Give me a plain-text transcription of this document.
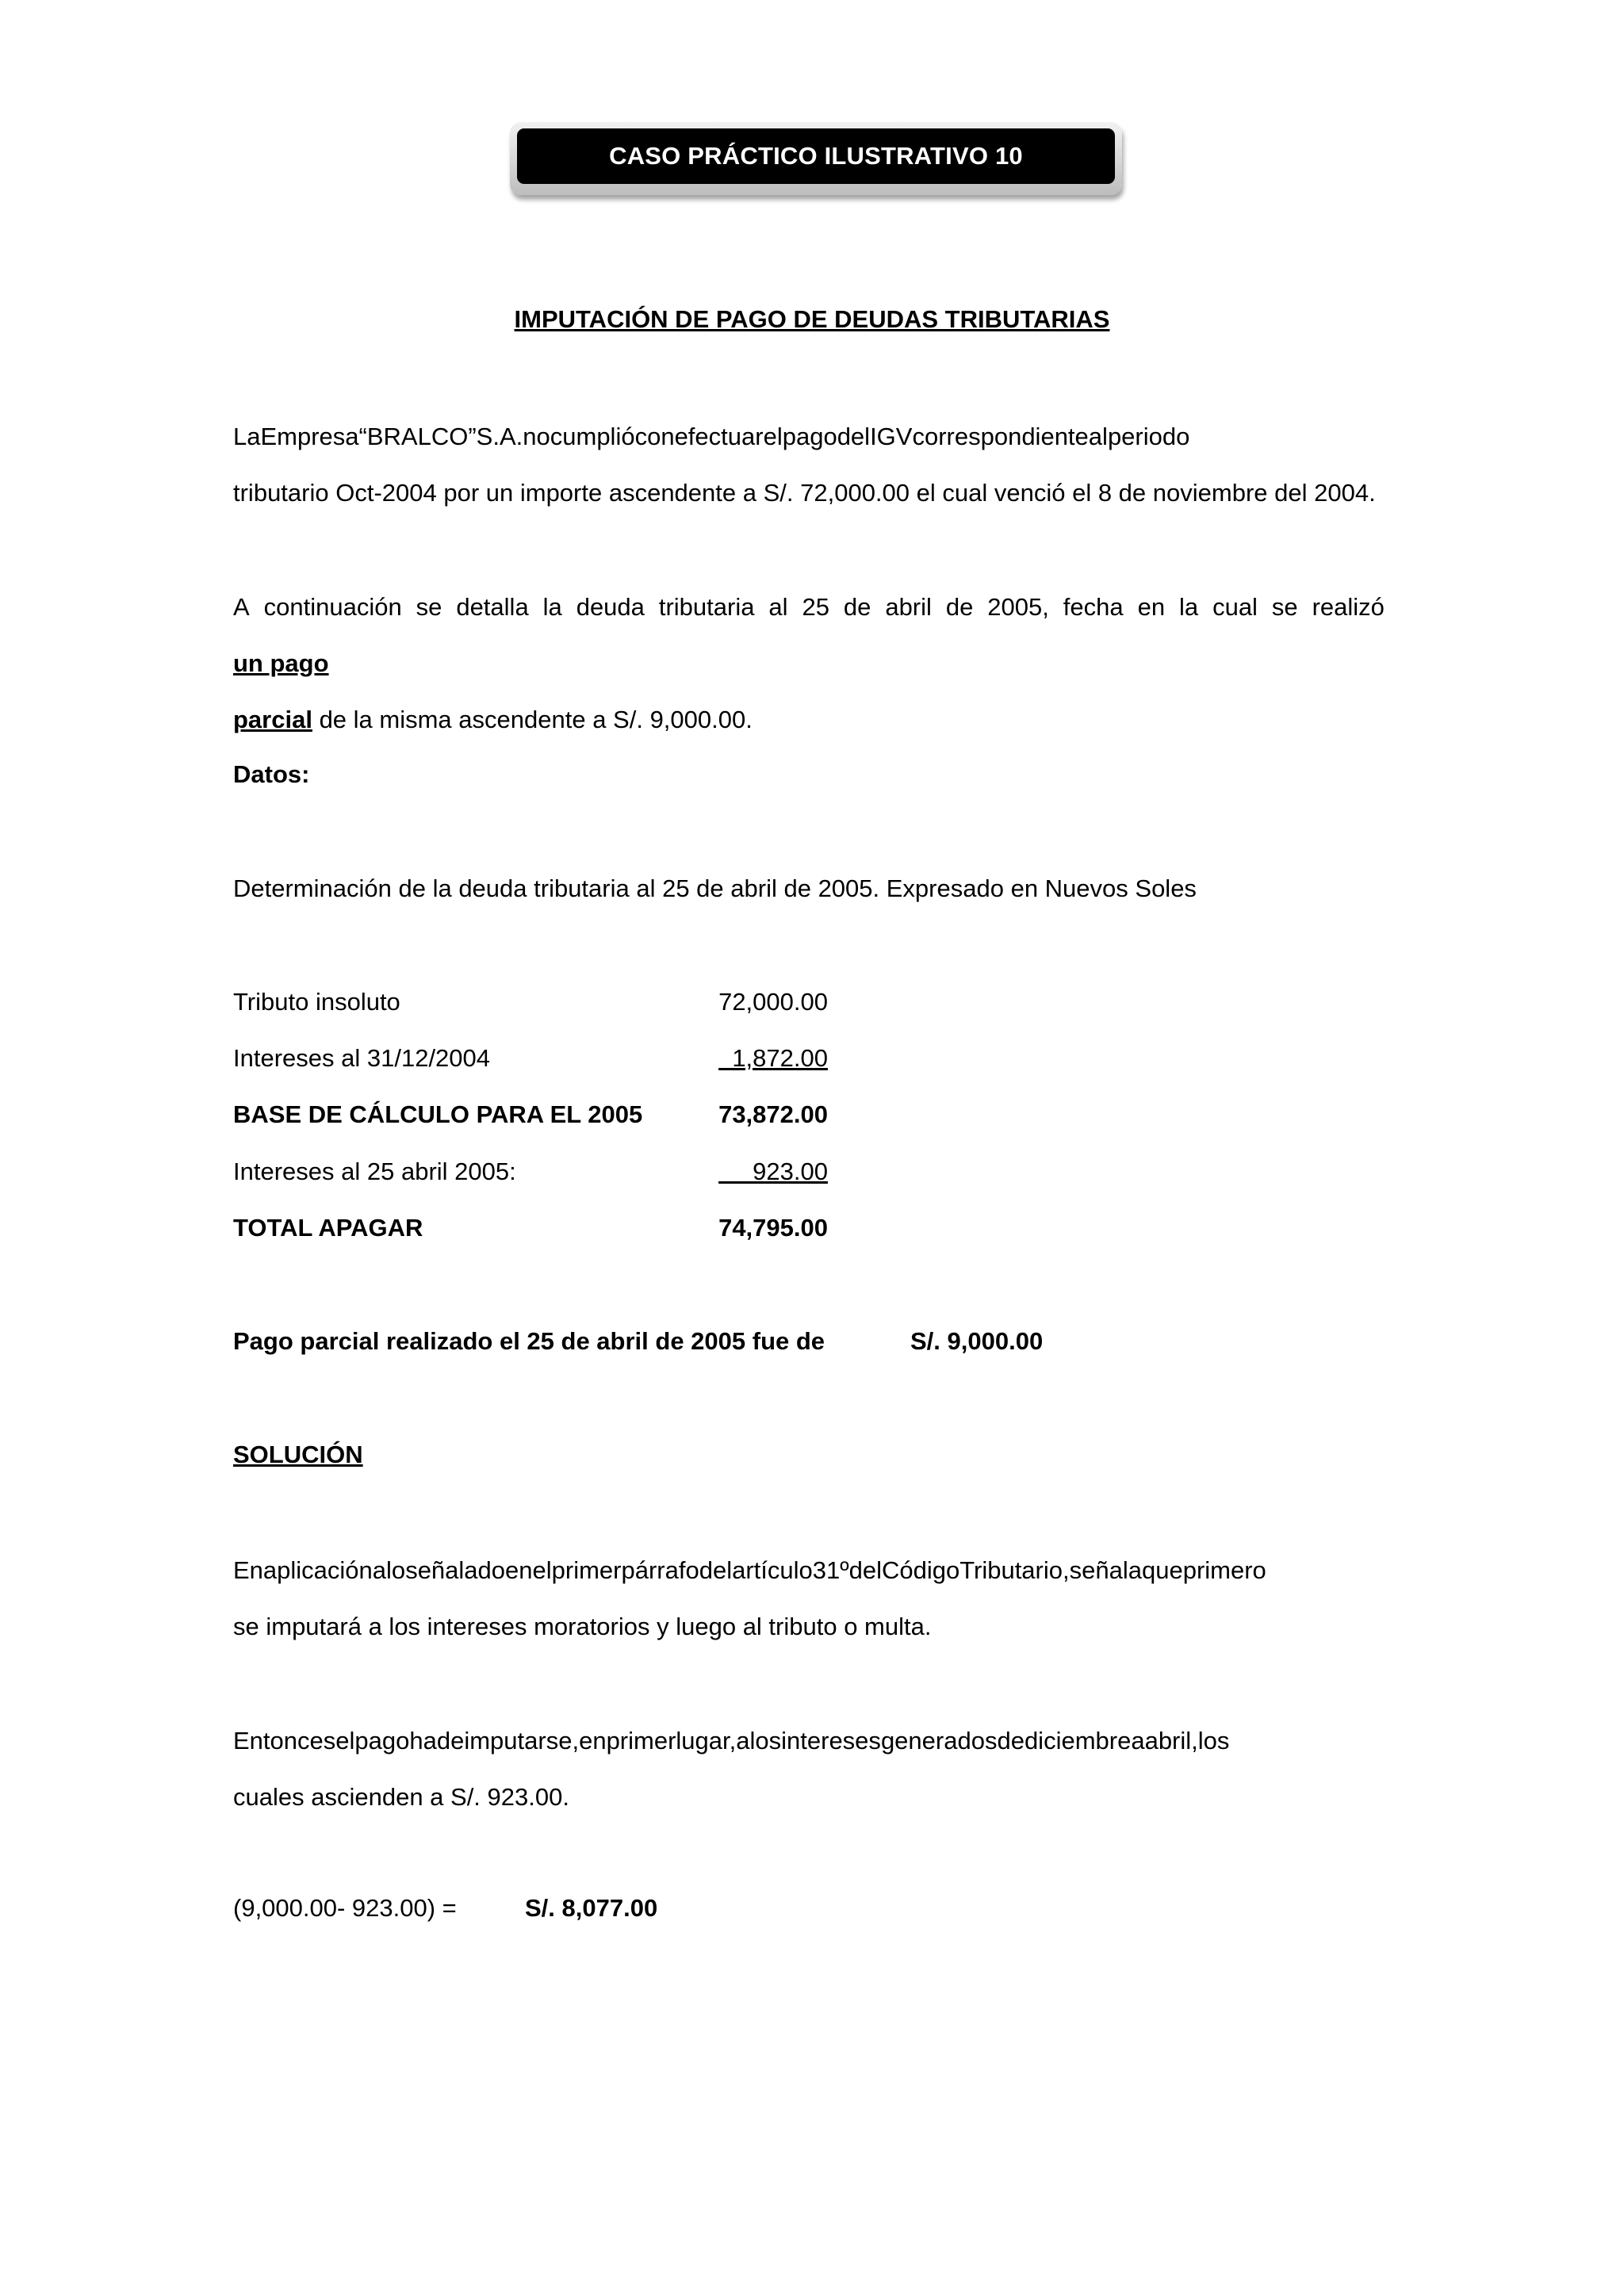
CASO PRÁCTICO ILUSTRATIVO 10
IMPUTACIÓN DE PAGO DE DEUDAS TRIBUTARIAS
LaEmpresa“BRALCO”S.A.nocumplióconefectuarelpagodelIGVcorrespondientealperiodo
tributario Oct-2004 por un importe ascendente a S/. 72,000.00 el cual venció el 8 de noviembre del 2004.
A continuación se detalla la deuda tributaria al 25 de abril de 2005, fecha en la cual se realizó
un pago
parcial de la misma ascendente a S/. 9,000.00.
Datos:
Determinación de la deuda tributaria al 25 de abril de 2005. Expresado en Nuevos Soles
Tributo insoluto	72,000.00
Intereses al 31/12/2004	1,872.00
BASE DE CÁLCULO PARA EL 2005	73,872.00
Intereses al 25 abril 2005:	923.00
TOTAL APAGAR	74,795.00
Pago parcial realizado el 25 de abril de 2005 fue de	S/. 9,000.00
SOLUCIÓN
Enaplicaciónaloseñaladoenelprimerpárrafodelartículo31ºdelCódigoTributario,señalaqueprimero
se imputará a los intereses moratorios y luego al tributo o multa.
Entonceselpagohadeimputarse,enprimerlugar,alosinteresesgeneradosdediciembreaabril,los
cuales ascienden a S/. 923.00.
(9,000.00- 923.00) =	S/. 8,077.00
